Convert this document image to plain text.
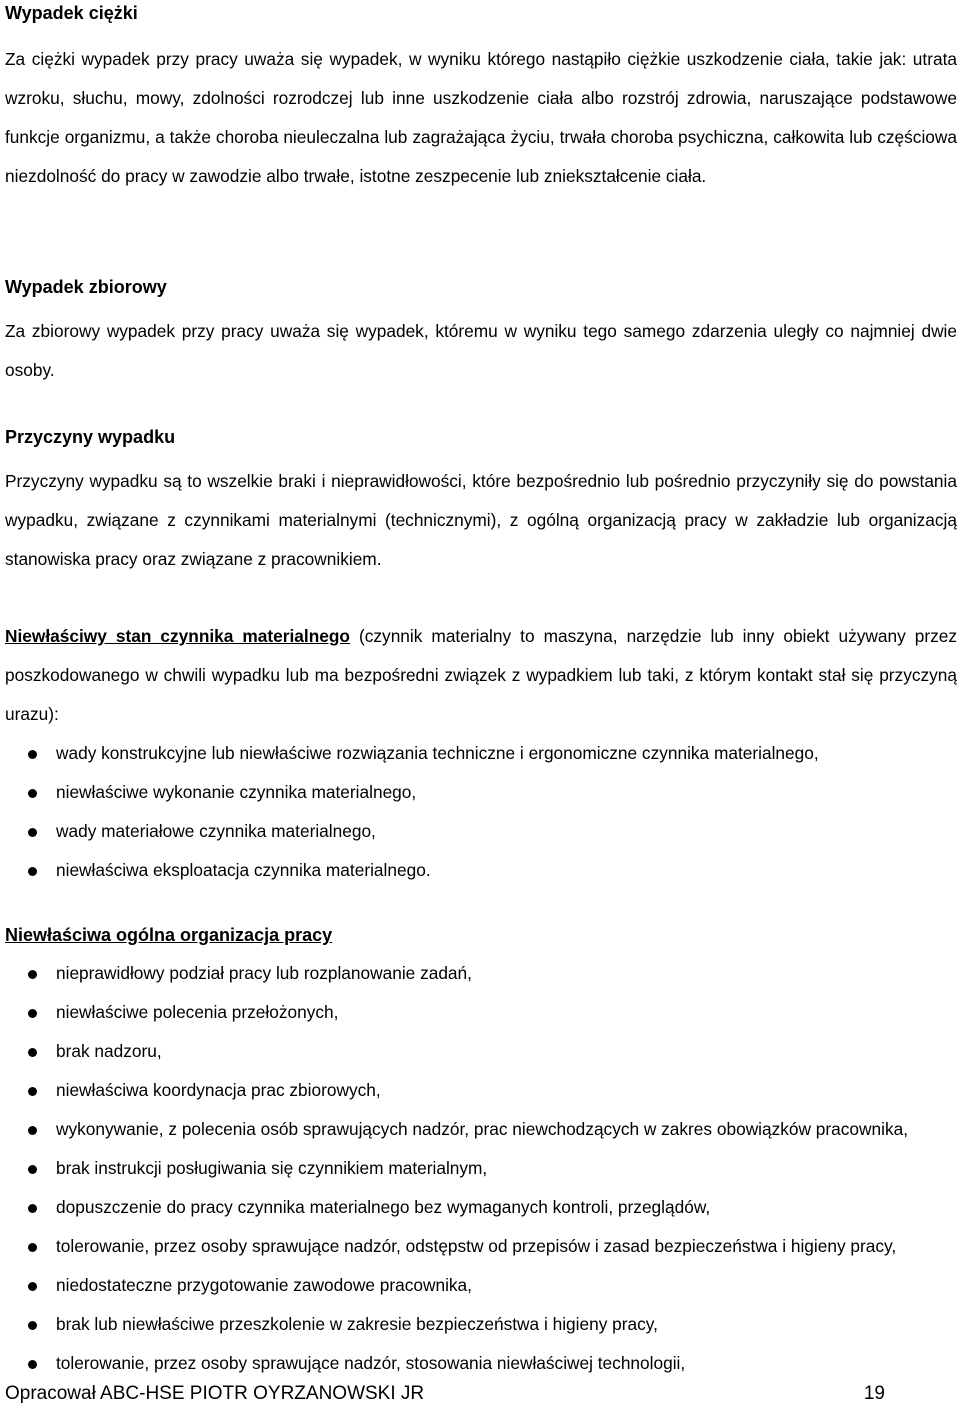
Wypadek ciężki

Za ciężki wypadek przy pracy uważa się wypadek, w wyniku którego nastąpiło ciężkie uszkodzenie ciała, takie jak: utrata wzroku, słuchu, mowy, zdolności rozrodczej lub inne uszkodzenie ciała albo rozstrój zdrowia, naruszające podstawowe funkcje organizmu, a także choroba nieuleczalna lub zagrażająca życiu, trwała choroba psychiczna, całkowita lub częściowa niezdolność do pracy w zawodzie albo trwałe, istotne zeszpecenie lub zniekształcenie ciała.

Wypadek zbiorowy

Za zbiorowy wypadek przy pracy uważa się wypadek, któremu w wyniku tego samego zdarzenia uległy co najmniej dwie osoby.

Przyczyny wypadku

Przyczyny wypadku są to wszelkie braki i nieprawidłowości, które bezpośrednio lub pośrednio przyczyniły się do powstania wypadku, związane z czynnikami materialnymi (technicznymi), z ogólną organizacją pracy w zakładzie lub organizacją stanowiska pracy oraz związane z pracownikiem.

Niewłaściwy stan czynnika materialnego (czynnik materialny to maszyna, narzędzie lub inny obiekt używany przez poszkodowanego w chwili wypadku lub ma bezpośredni związek z wypadkiem lub taki, z którym kontakt stał się przyczyną urazu):

wady konstrukcyjne lub niewłaściwe rozwiązania techniczne i ergonomiczne czynnika materialnego,
niewłaściwe wykonanie czynnika materialnego,
wady materiałowe czynnika materialnego,
niewłaściwa eksploatacja czynnika materialnego.
Niewłaściwa ogólna organizacja pracy
nieprawidłowy podział pracy lub rozplanowanie zadań,
niewłaściwe polecenia przełożonych,
brak nadzoru,
niewłaściwa koordynacja prac zbiorowych,
wykonywanie, z polecenia osób sprawujących nadzór, prac niewchodzących w zakres obowiązków pracownika,
brak instrukcji posługiwania się czynnikiem materialnym,
dopuszczenie do pracy czynnika materialnego bez wymaganych kontroli, przeglądów,
tolerowanie, przez osoby sprawujące nadzór, odstępstw od przepisów i zasad bezpieczeństwa i higieny pracy,
niedostateczne przygotowanie zawodowe pracownika,
brak lub niewłaściwe przeszkolenie w zakresie bezpieczeństwa i higieny pracy,
tolerowanie, przez osoby sprawujące nadzór, stosowania niewłaściwej technologii,
Opracował ABC-HSE PIOTR OYRZANOWSKI JR	19
